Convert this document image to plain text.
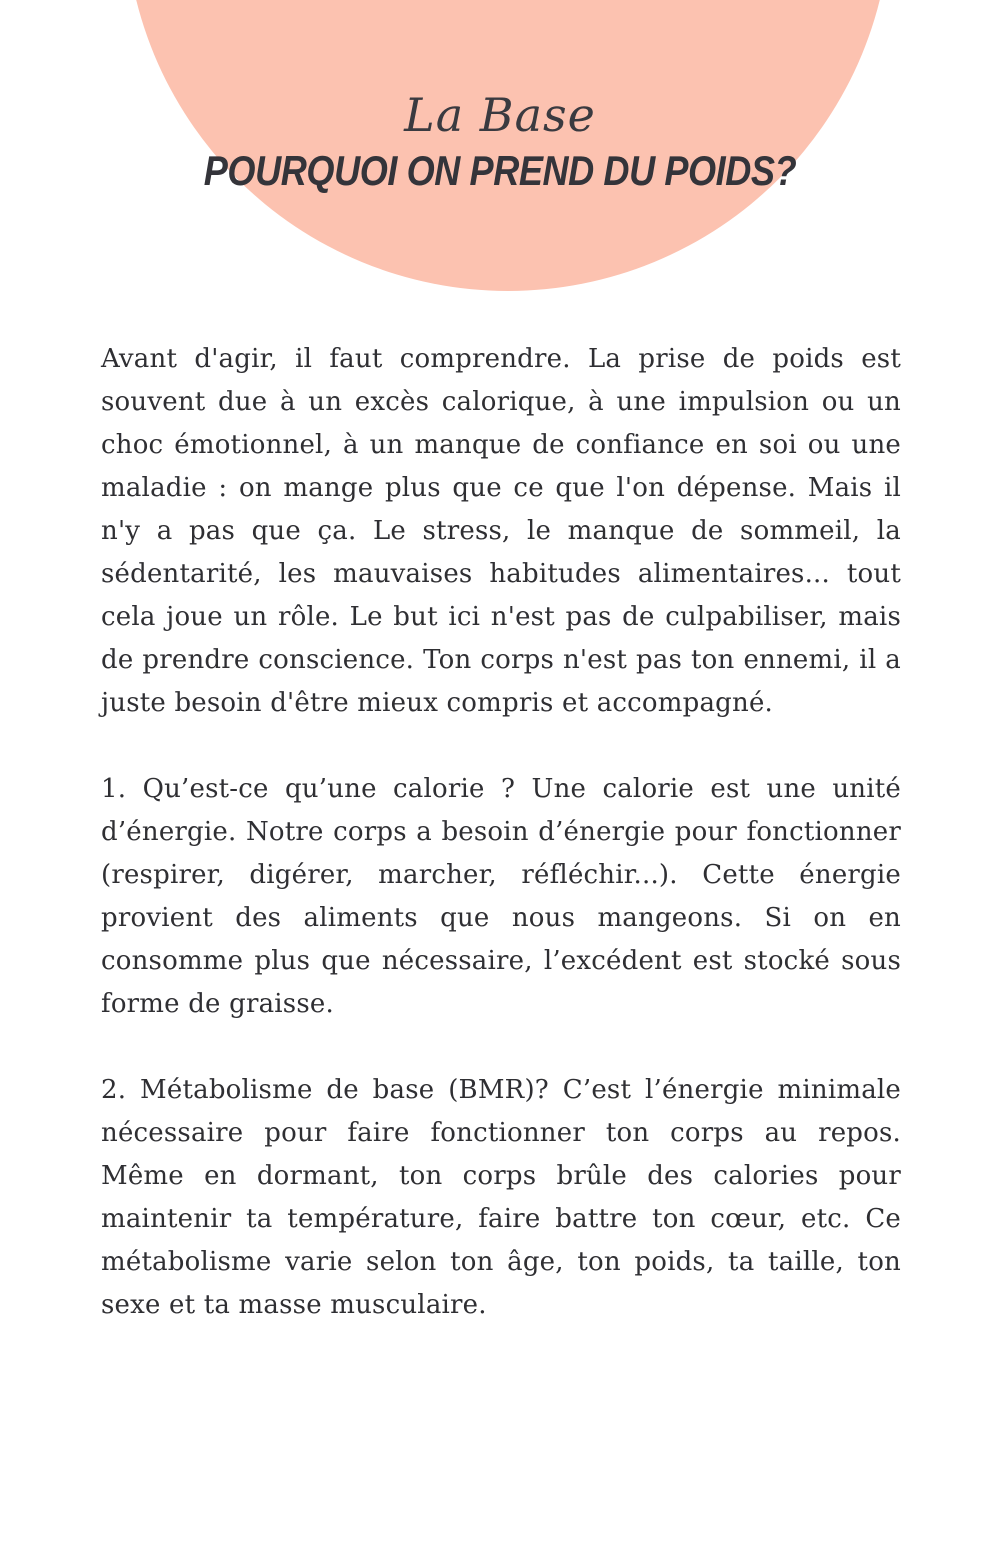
La Base
POURQUOI ON PREND DU POIDS?

Avant d'agir, il faut comprendre. La prise de poids est souvent due à un excès calorique, à une impulsion ou un choc émotionnel, à un manque de confiance en soi ou une maladie : on mange plus que ce que l'on dépense. Mais il n'y a pas que ça. Le stress, le manque de sommeil, la sédentarité, les mauvaises habitudes alimentaires... tout cela joue un rôle. Le but ici n'est pas de culpabiliser, mais de prendre conscience. Ton corps n'est pas ton ennemi, il a juste besoin d'être mieux compris et accompagné.

1. Qu’est-ce qu’une calorie ? Une calorie est une unité d’énergie. Notre corps a besoin d’énergie pour fonctionner (respirer, digérer, marcher, réfléchir...). Cette énergie provient des aliments que nous mangeons. Si on en consomme plus que nécessaire, l’excédent est stocké sous forme de graisse.

2. Métabolisme de base (BMR)? C’est l’énergie minimale nécessaire pour faire fonctionner ton corps au repos. Même en dormant, ton corps brûle des calories pour maintenir ta température, faire battre ton cœur, etc. Ce métabolisme varie selon ton âge, ton poids, ta taille, ton sexe et ta masse musculaire.
